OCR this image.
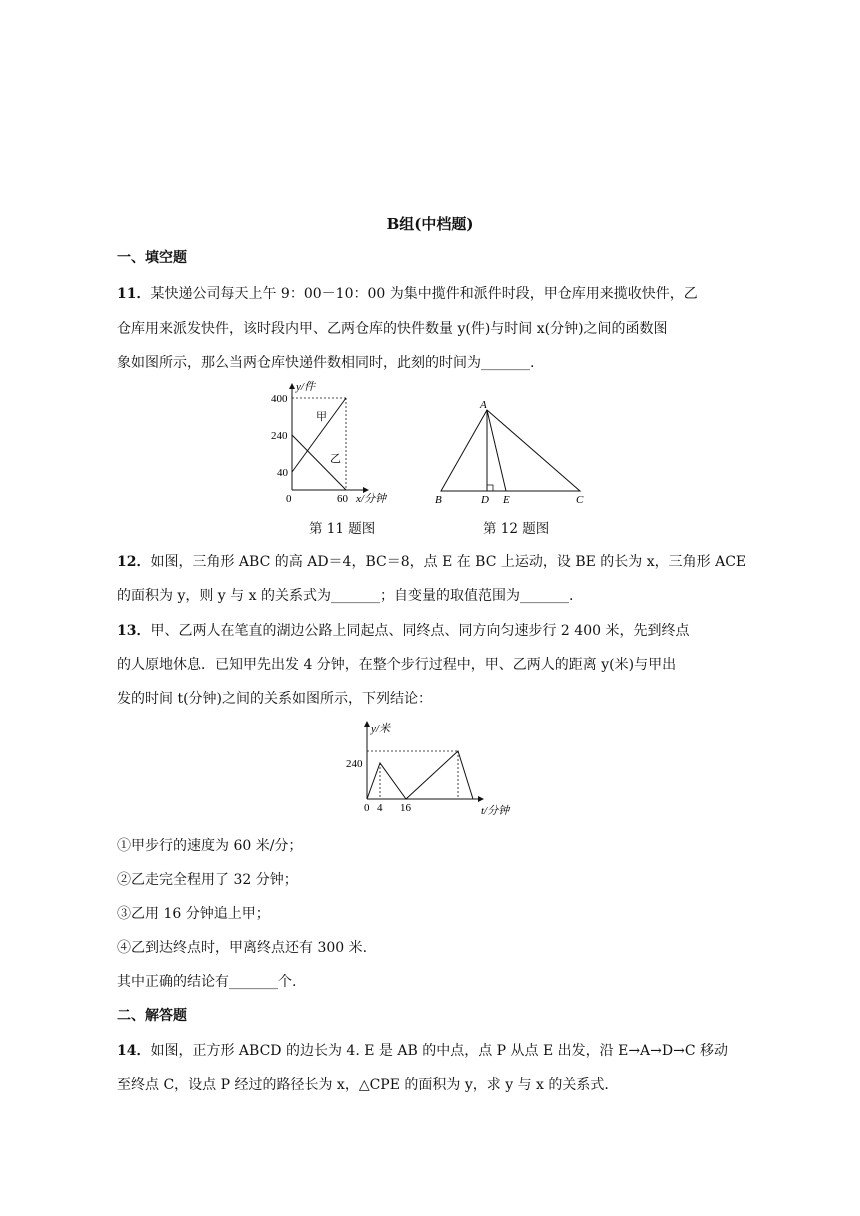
B组(中档题)
一、填空题
11．某快递公司每天上午 9：00－10：00 为集中揽件和派件时段，甲仓库用来揽收快件，乙
仓库用来派发快件，该时段内甲、乙两仓库的快件数量 y(件)与时间 x(分钟)之间的函数图
象如图所示，那么当两仓库快递件数相同时，此刻的时间为_______.
y/件
400
240
40
0	60 x/分钟
甲
乙
第 11 题图
A
B	D E	C
第 12 题图
12．如图，三角形 ABC 的高 AD＝4，BC＝8，点 E 在 BC 上运动，设 BE 的长为 x，三角形 ACE
的面积为 y，则 y 与 x 的关系式为_______；自变量的取值范围为_______.
13．甲、乙两人在笔直的湖边公路上同起点、同终点、同方向匀速步行 2 400 米，先到终点
的人原地休息．已知甲先出发 4 分钟，在整个步行过程中，甲、乙两人的距离 y(米)与甲出
发的时间 t(分钟)之间的关系如图所示，下列结论：
y/米
240
0 4 16	t/分钟
①甲步行的速度为 60 米/分；
②乙走完全程用了 32 分钟；
③乙用 16 分钟追上甲；
④乙到达终点时，甲离终点还有 300 米.
其中正确的结论有_______个.
二、解答题
14．如图，正方形 ABCD 的边长为 4. E 是 AB 的中点，点 P 从点 E 出发，沿 E→A→D→C 移动
至终点 C，设点 P 经过的路径长为 x，△CPE 的面积为 y，求 y 与 x 的关系式.
